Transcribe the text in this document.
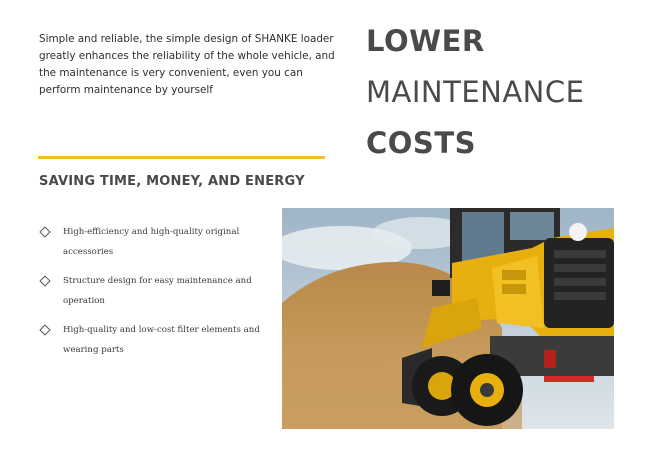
Simple and reliable, the simple design of SHANKE loader greatly enhances the reliability of the whole vehicle, and the maintenance is very convenient, even you can perform maintenance by yourself

LOWER
MAINTENANCE
COSTS
SAVING TIME, MONEY, AND ENERGY
High-efficiency and high-quality original accessories
Structure design for easy maintenance and operation
High-quality and low-cost filter elements and wearing parts
